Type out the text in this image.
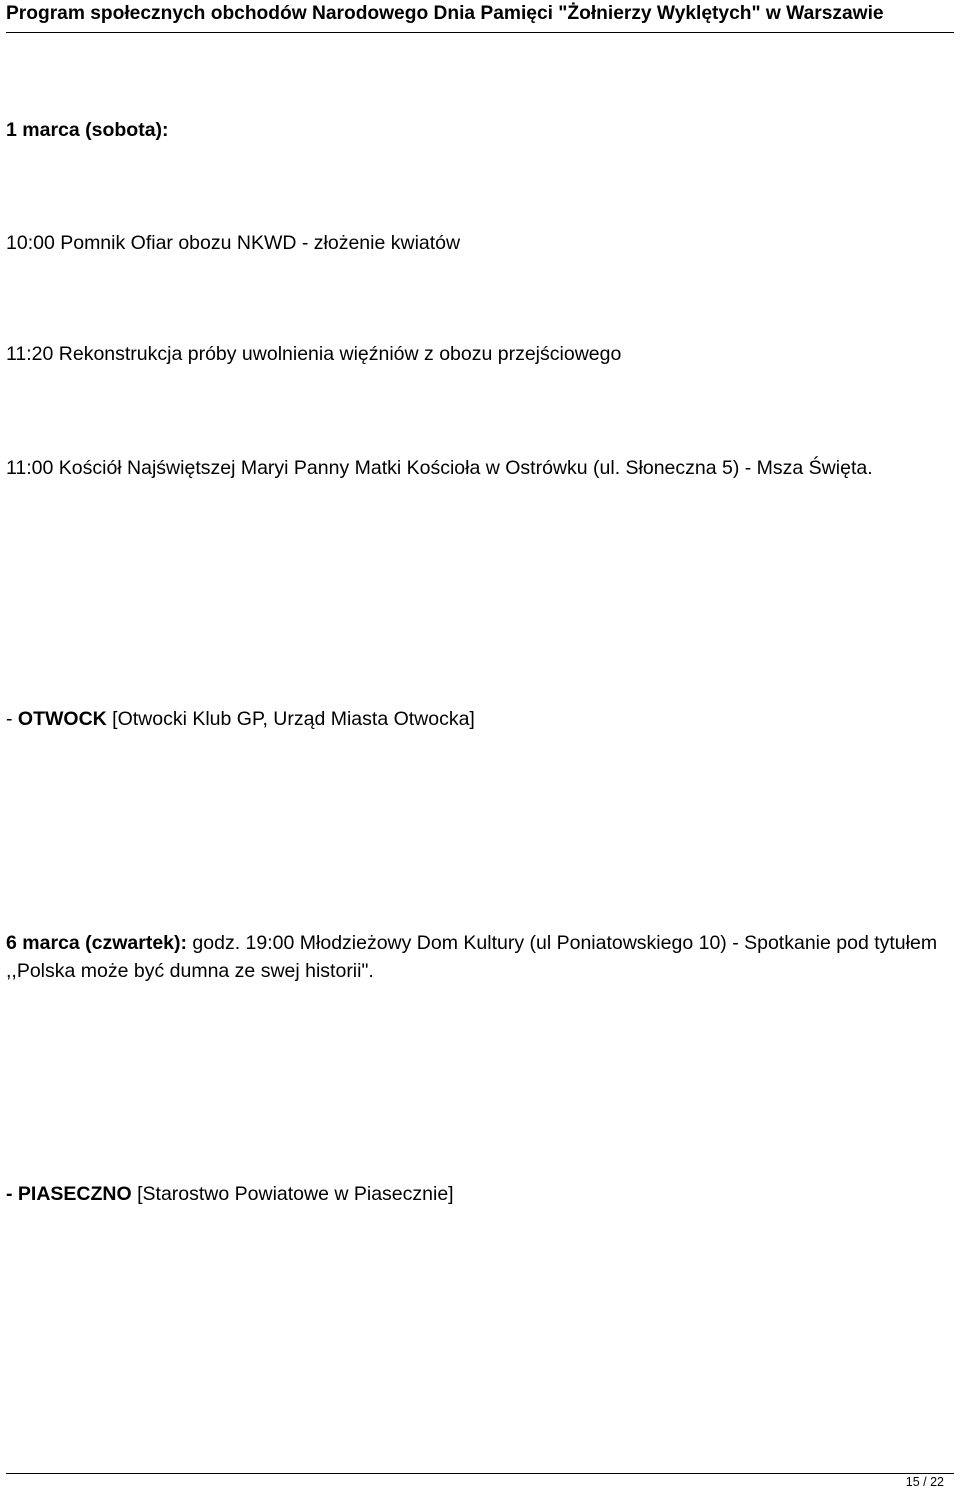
Program społecznych obchodów Narodowego Dnia Pamięci "Żołnierzy Wyklętych" w Warszawie
1 marca (sobota):
10:00 Pomnik Ofiar obozu NKWD - złożenie kwiatów
11:20 Rekonstrukcja próby uwolnienia więźniów z obozu przejściowego
11:00 Kościół Najświętszej Maryi Panny Matki Kościoła w Ostrówku (ul. Słoneczna 5) - Msza Święta.
- OTWOCK [Otwocki Klub GP, Urząd Miasta Otwocka]
6 marca (czwartek): godz. 19:00 Młodzieżowy Dom Kultury (ul Poniatowskiego 10) - Spotkanie pod tytułem ,,Polska może być dumna ze swej historii".
- PIASECZNO [Starostwo Powiatowe w Piasecznie]
15 / 22
